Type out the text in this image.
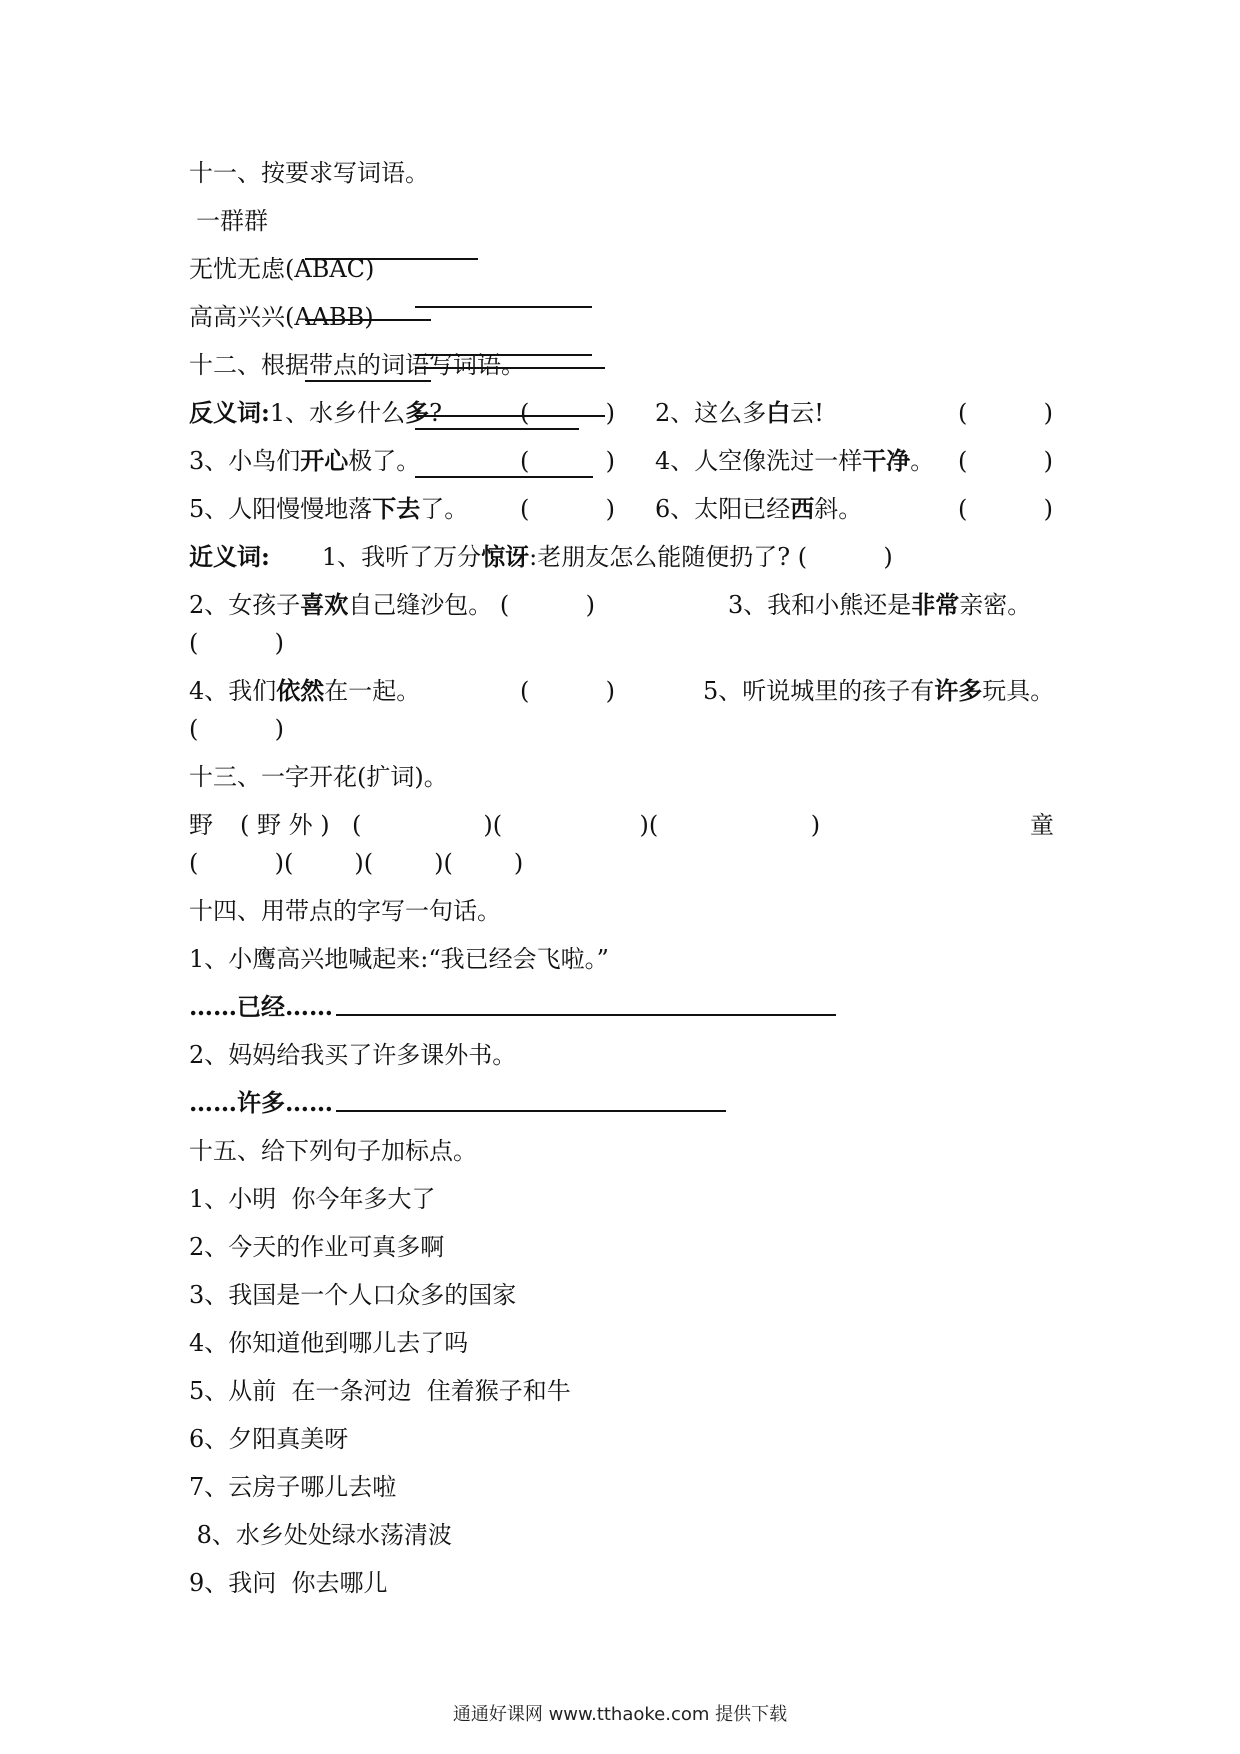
十一、按要求写词语。
一群群

无忧无虑(ABAC)

高高兴兴(AABB)

十二、根据带点的词语写词语。
反义词:1、水乡什么多?	(          ) 2、这么多白云!	(          )
3、小鸟们开心极了。	(          ) 4、人空像洗过一样干净。 (          )
5、人阳慢慢地落下去了。 (          ) 6、太阳已经西斜。	(          )
近义词: 1、我听了万分惊讶:老朋友怎么能随便扔了? (          )
2、女孩子喜欢自己缝沙包。 (          )	3、我和小熊还是非常亲密。
(          )
4、我们依然在一起。	(          )	5、听说城里的孩子有许多玩具。
(          )
十三、一字开花(扩词)。
野 ( 野 外 ) (                )(                  )(                    )	童
(          )(        )(        )(        )
十四、用带点的字写一句话。
1、小鹰高兴地喊起来:“我已经会飞啦。”
……已经……
2、妈妈给我买了许多课外书。
……许多……
十五、给下列句子加标点。
1、小明  你今年多大了
2、今天的作业可真多啊
3、我国是一个人口众多的国家
4、你知道他到哪儿去了吗
5、从前  在一条河边  住着猴子和牛
6、夕阳真美呀
7、云房子哪儿去啦
8、水乡处处绿水荡清波
9、我问  你去哪儿
通通好课网 www.tthaoke.com 提供下载
